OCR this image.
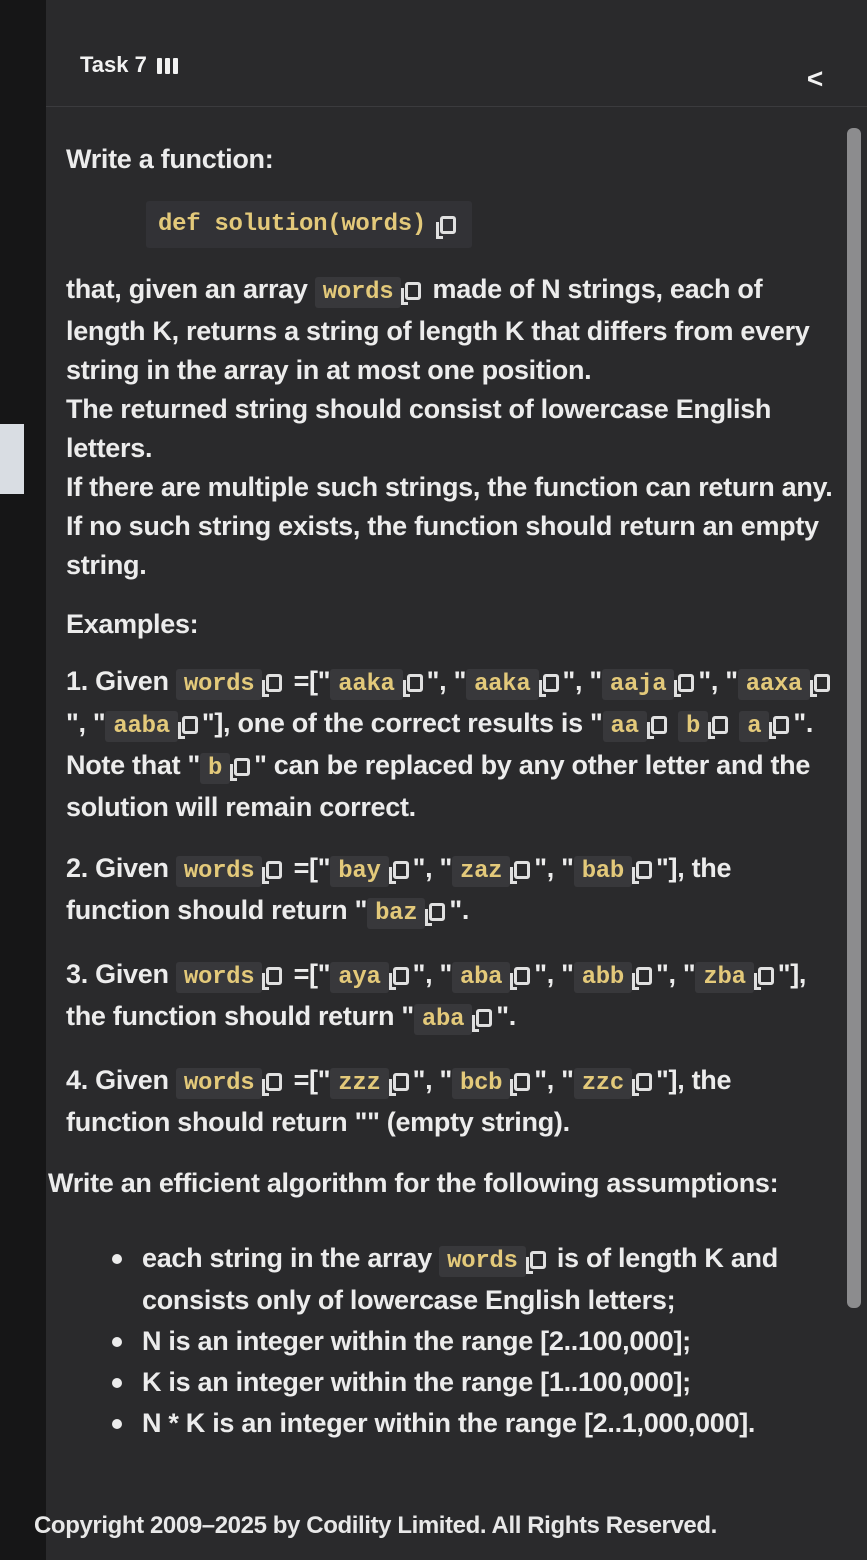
Task 7	<

Write a function:

def solution(words)

that, given an array words made of N strings, each of length K, returns a string of length K that differs from every string in the array in at most one position.

The returned string should consist of lowercase English letters.

If there are multiple such strings, the function can return any. If no such string exists, the function should return an empty string.

Examples:

1. Given words =[" aaka ", " aaka ", " aaja ", " aaxa", " aaba "], one of the correct results is " aa b a ". Note that " b " can be replaced by any other letter and the solution will remain correct.

2. Given words =[" bay ", " zaz ", " bab "], the function should return " baz ".

3. Given words =[" aya ", " aba ", " abb ", " zba "], the function should return " aba ".

4. Given words =[" zzz ", " bcb ", " zzc "], the function should return "" (empty string).

Write an efficient algorithm for the following assumptions:

each string in the array words is of length K and consists only of lowercase English letters;
N is an integer within the range [2..100,000];
K is an integer within the range [1..100,000];
N * K is an integer within the range [2..1,000,000].
Copyright 2009–2025 by Codility Limited. All Rights Reserved.
